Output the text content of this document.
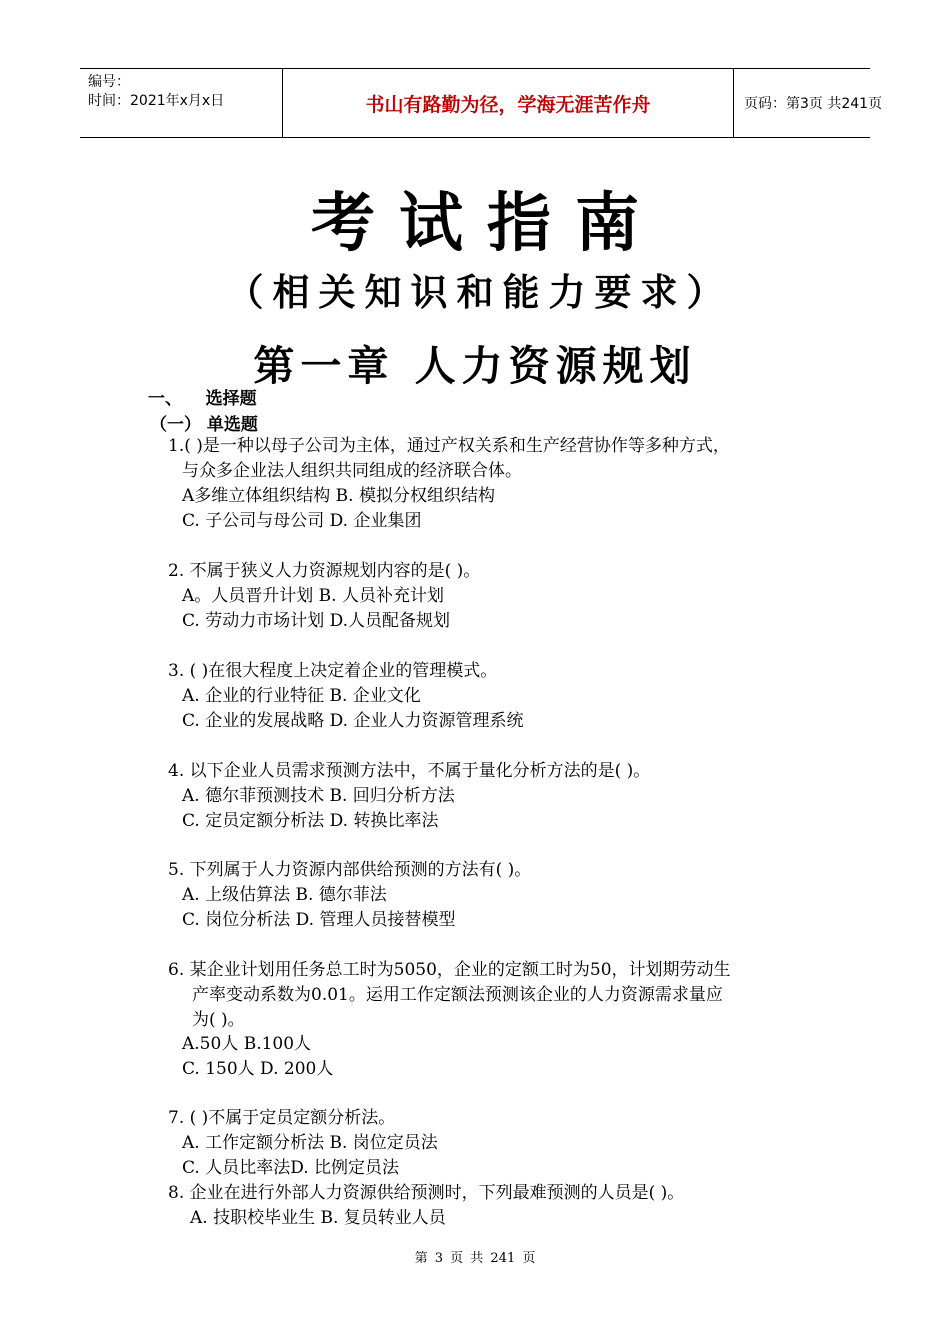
编号：
时间：2021年x月x日	书山有路勤为径，学海无涯苦作舟	页码：第3页 共241页
考试指南
（相关知识和能力要求）
第一章 人力资源规划
一、    选择题
（一） 单选题
1.( )是一种以母子公司为主体，通过产权关系和生产经营协作等多种方式，
与众多企业法人组织共同组成的经济联合体。
A多维立体组织结构 B. 模拟分权组织结构
C. 子公司与母公司 D. 企业集团
2. 不属于狭义人力资源规划内容的是( )。
A。人员晋升计划 B. 人员补充计划
C. 劳动力市场计划 D.人员配备规划
3. ( )在很大程度上决定着企业的管理模式。
A. 企业的行业特征 B. 企业文化
C. 企业的发展战略 D. 企业人力资源管理系统
4. 以下企业人员需求预测方法中，不属于量化分析方法的是( )。
A. 德尔菲预测技术 B. 回归分析方法
C. 定员定额分析法 D. 转换比率法
5. 下列属于人力资源内部供给预测的方法有( )。
A. 上级估算法 B. 德尔菲法
C. 岗位分析法 D. 管理人员接替模型
6. 某企业计划用任务总工时为5050，企业的定额工时为50，计划期劳动生
产率变动系数为0.01。运用工作定额法预测该企业的人力资源需求量应
为( )。
A.50人 B.100人
C. 150人 D. 200人
7. ( )不属于定员定额分析法。
A. 工作定额分析法 B. 岗位定员法
C. 人员比率法D. 比例定员法
8. 企业在进行外部人力资源供给预测时，下列最难预测的人员是( )。
A. 技职校毕业生 B. 复员转业人员
第 3 页 共 241 页
